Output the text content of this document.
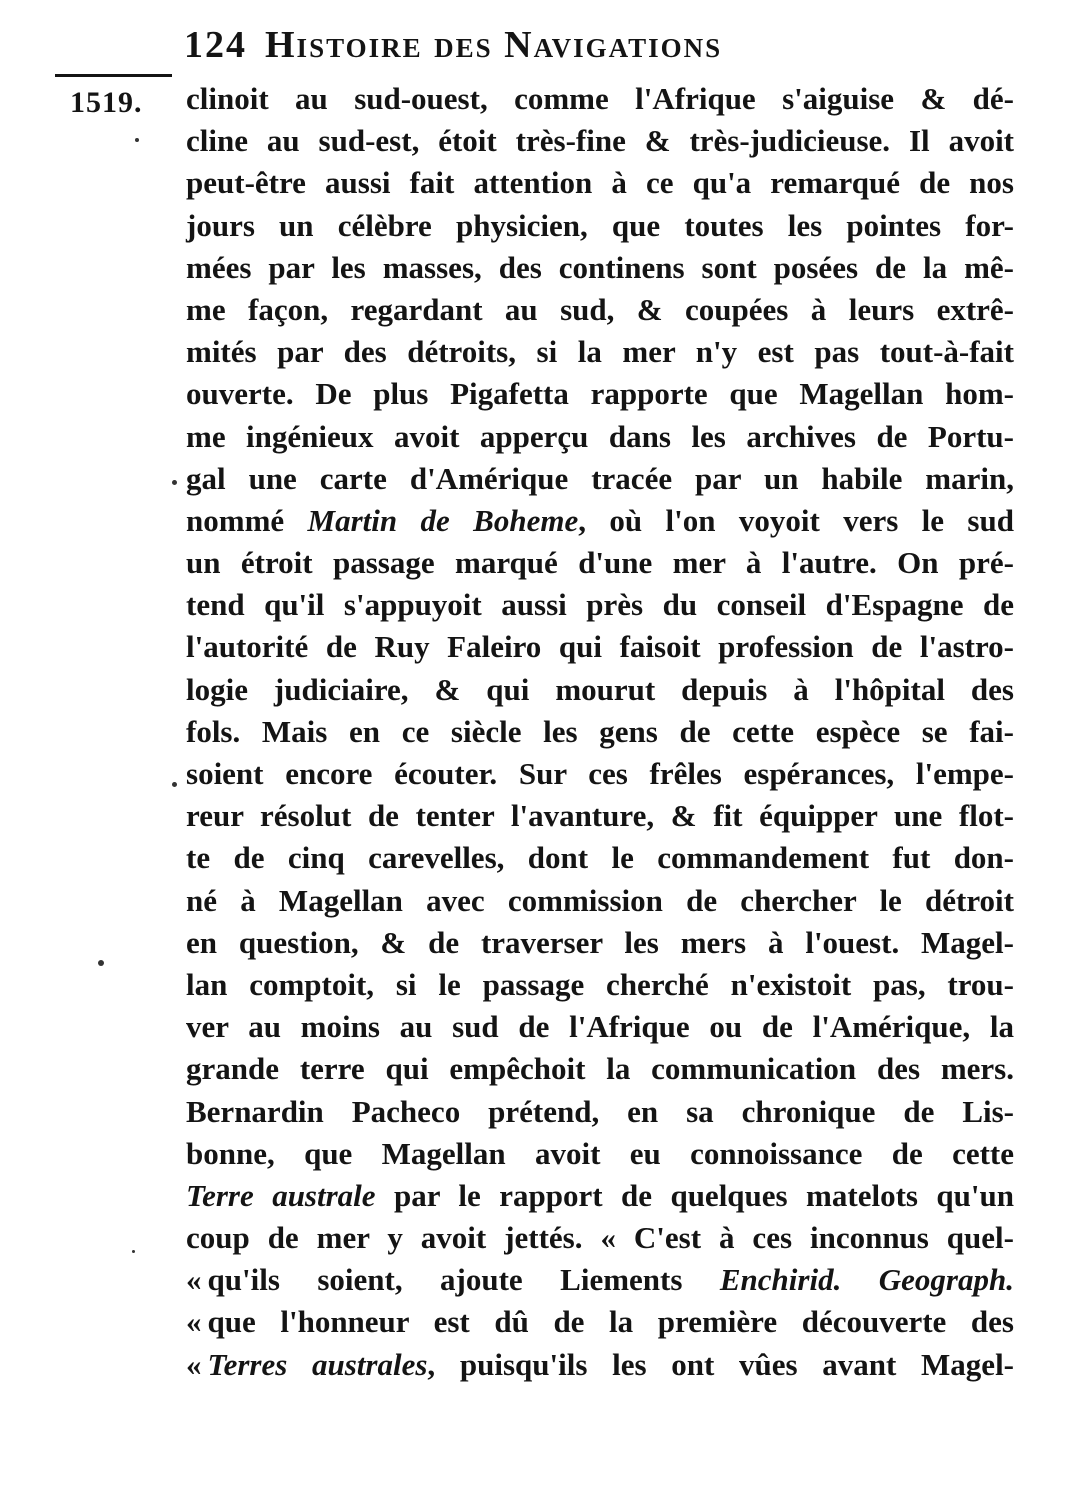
124 Histoire des Navigations
1519. clinoit au sud-ouest, comme l'Afrique s'aiguise & dé-
cline au sud-est, étoit très-fine & très-judicieuse. Il avoit
peut-être aussi fait attention à ce qu'a remarqué de nos
jours un célèbre physicien, que toutes les pointes for-
mées par les masses, des continens sont posées de la mê-
me façon, regardant au sud, & coupées à leurs extrê-
mités par des détroits, si la mer n'y est pas tout-à-fait
ouverte. De plus Pigafetta rapporte que Magellan hom-
me ingénieux avoit apperçu dans les archives de Portu-
gal une carte d'Amérique tracée par un habile marin,
nommé Martin de Boheme, où l'on voyoit vers le sud
un étroit passage marqué d'une mer à l'autre. On pré-
tend qu'il s'appuyoit aussi près du conseil d'Espagne de
l'autorité de Ruy Faleiro qui faisoit profession de l'astro-
logie judiciaire, & qui mourut depuis à l'hôpital des
fols. Mais en ce siècle les gens de cette espèce se fai-
soient encore écouter. Sur ces frêles espérances, l'empe-
reur résolut de tenter l'avanture, & fit équipper une flot-
te de cinq carevelles, dont le commandement fut don-
né à Magellan avec commission de chercher le détroit
en question, & de traverser les mers à l'ouest. Magel-
lan comptoit, si le passage cherché n'existoit pas, trou-
ver au moins au sud de l'Afrique ou de l'Amérique, la
grande terre qui empêchoit la communication des mers.
Bernardin Pacheco prétend, en sa chronique de Lis-
bonne, que Magellan avoit eu connoissance de cette
Terre australe par le rapport de quelques matelots qu'un
coup de mer y avoit jettés. « C'est à ces inconnus quel-
« qu'ils soient, ajoute Liements Enchirid. Geograph.
« que l'honneur est dû de la première découverte des
« Terres australes, puisqu'ils les ont vûes avant Magel-
